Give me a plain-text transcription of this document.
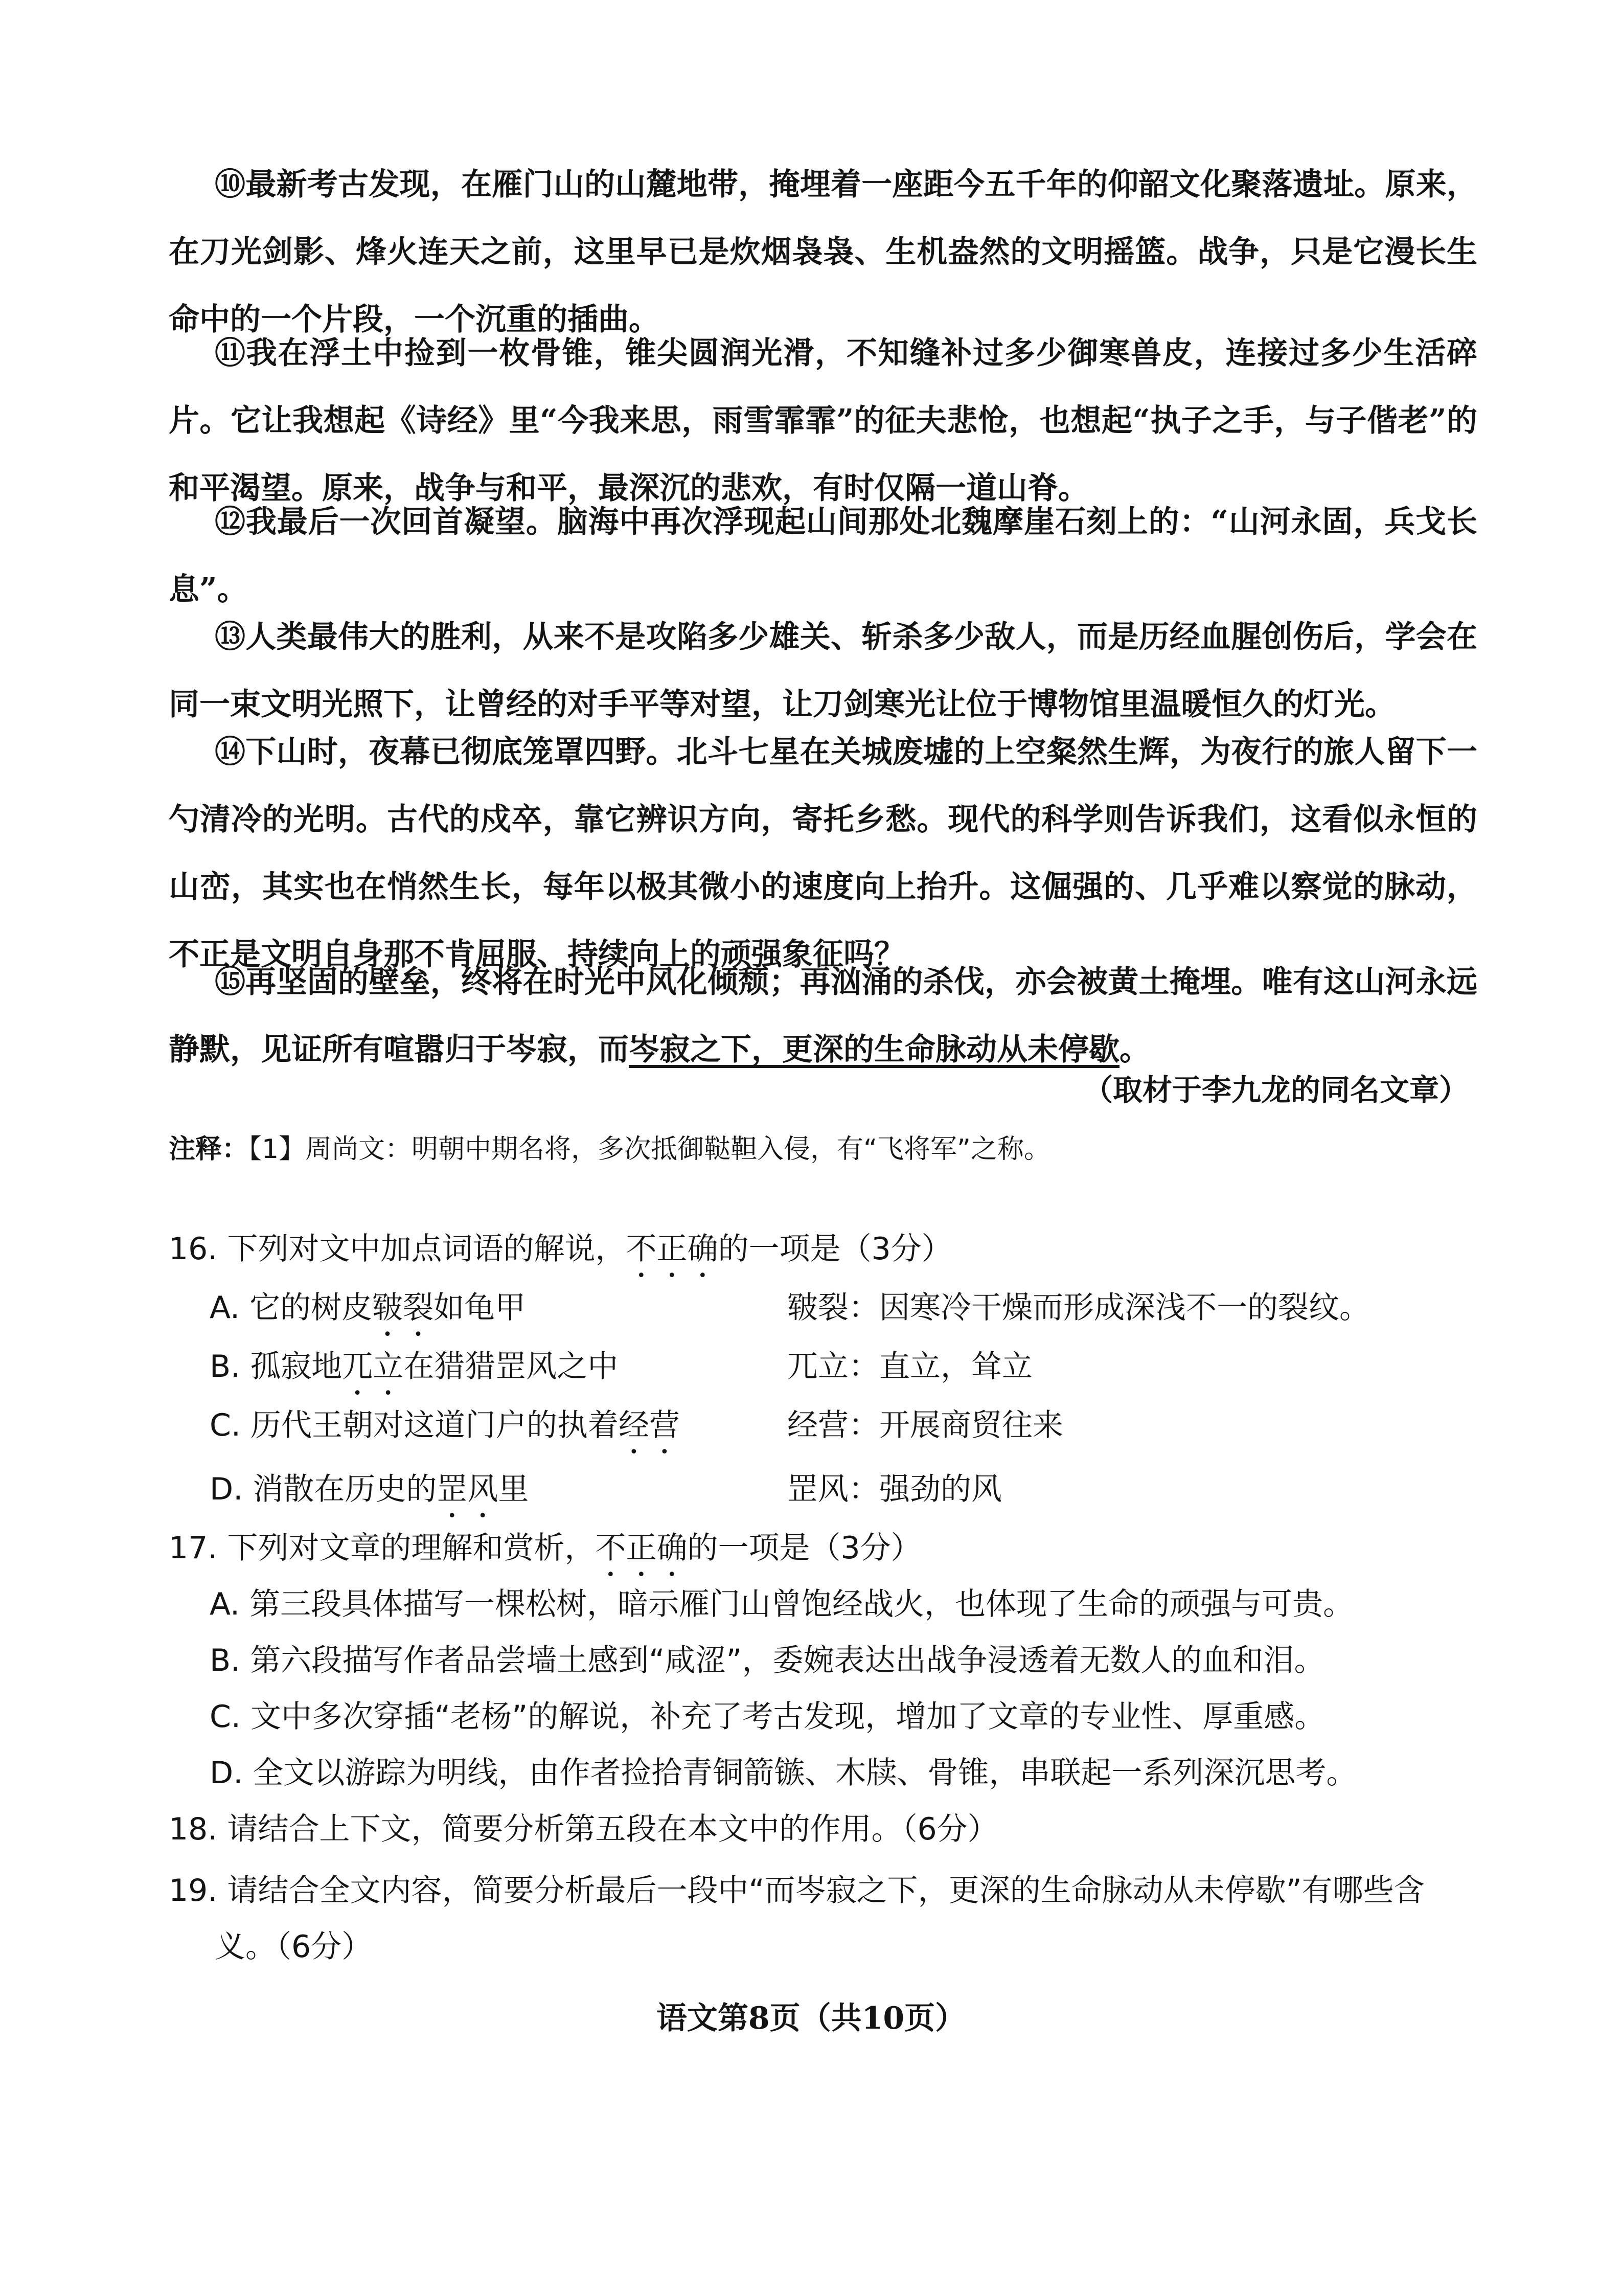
⑩最新考古发现，在雁门山的山麓地带，掩埋着一座距今五千年的仰韶文化聚落遗址。原来，在刀光剑影、烽火连天之前，这里早已是炊烟袅袅、生机盎然的文明摇篮。战争，只是它漫长生命中的一个片段，一个沉重的插曲。

⑪我在浮土中捡到一枚骨锥，锥尖圆润光滑，不知缝补过多少御寒兽皮，连接过多少生活碎片。它让我想起《诗经》里“今我来思，雨雪霏霏”的征夫悲怆，也想起“执子之手，与子偕老”的和平渴望。原来，战争与和平，最深沉的悲欢，有时仅隔一道山脊。

⑫我最后一次回首凝望。脑海中再次浮现起山间那处北魏摩崖石刻上的：“山河永固，兵戈长息”。

⑬人类最伟大的胜利，从来不是攻陷多少雄关、斩杀多少敌人，而是历经血腥创伤后，学会在同一束文明光照下，让曾经的对手平等对望，让刀剑寒光让位于博物馆里温暖恒久的灯光。

⑭下山时，夜幕已彻底笼罩四野。北斗七星在关城废墟的上空粲然生辉，为夜行的旅人留下一勺清冷的光明。古代的戍卒，靠它辨识方向，寄托乡愁。现代的科学则告诉我们，这看似永恒的山峦，其实也在悄然生长，每年以极其微小的速度向上抬升。这倔强的、几乎难以察觉的脉动，不正是文明自身那不肯屈服、持续向上的顽强象征吗？

⑮再坚固的壁垒，终将在时光中风化倾颓；再汹涌的杀伐，亦会被黄土掩埋。唯有这山河永远静默，见证所有喧嚣归于岑寂，而岑寂之下，更深的生命脉动从未停歇。

（取材于李九龙的同名文章）
注释：【1】周尚文：明朝中期名将，多次抵御鞑靼入侵，有“飞将军”之称。
16. 下列对文中加点词语的解说，不正确的一项是（3分）
A. 它的树皮皲裂如龟甲	皲裂：因寒冷干燥而形成深浅不一的裂纹。
B. 孤寂地兀立在猎猎罡风之中	兀立：直立，耸立
C. 历代王朝对这道门户的执着经营	经营：开展商贸往来
D. 消散在历史的罡风里	罡风：强劲的风
17. 下列对文章的理解和赏析，不正确的一项是（3分）
A. 第三段具体描写一棵松树，暗示雁门山曾饱经战火，也体现了生命的顽强与可贵。
B. 第六段描写作者品尝墙土感到“咸涩”，委婉表达出战争浸透着无数人的血和泪。
C. 文中多次穿插“老杨”的解说，补充了考古发现，增加了文章的专业性、厚重感。
D. 全文以游踪为明线，由作者捡拾青铜箭镞、木牍、骨锥，串联起一系列深沉思考。
18. 请结合上下文，简要分析第五段在本文中的作用。（6分）
19. 请结合全文内容，简要分析最后一段中“而岑寂之下，更深的生命脉动从未停歇”有哪些含
义。（6分）
语文第8页（共10页）
